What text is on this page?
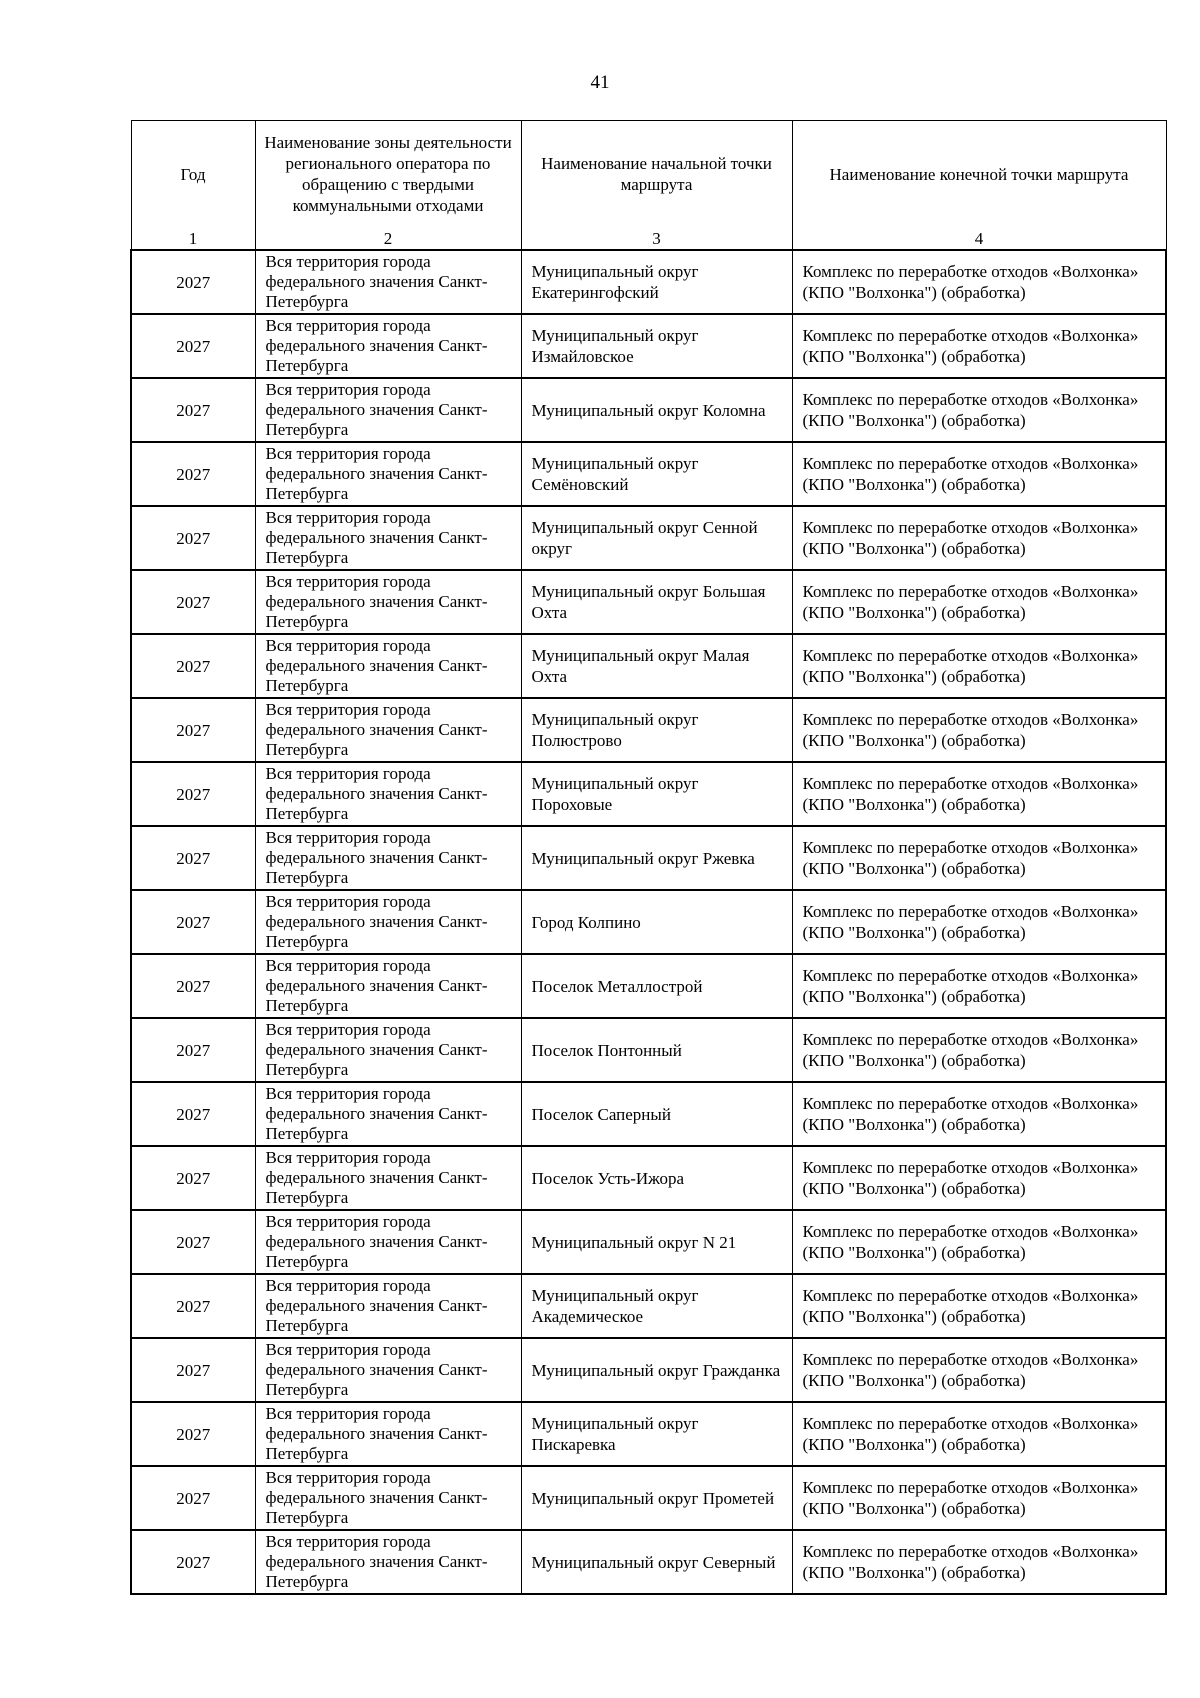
41
Год	Наименование зоны деятельности регионального оператора по обращению с твердыми коммунальными отходами	Наименование начальной точки маршрута	Наименование конечной точки маршрута
1	2	3	4
2027	Вся территория города федерального значения Санкт-Петербурга	Муниципальный округ Екатерингофский	Комплекс по переработке отходов «Волхонка» (КПО "Волхонка") (обработка)
2027	Вся территория города федерального значения Санкт-Петербурга	Муниципальный округ Измайловское	Комплекс по переработке отходов «Волхонка» (КПО "Волхонка") (обработка)
2027	Вся территория города федерального значения Санкт-Петербурга	Муниципальный округ Коломна	Комплекс по переработке отходов «Волхонка» (КПО "Волхонка") (обработка)
2027	Вся территория города федерального значения Санкт-Петербурга	Муниципальный округ Семёновский	Комплекс по переработке отходов «Волхонка» (КПО "Волхонка") (обработка)
2027	Вся территория города федерального значения Санкт-Петербурга	Муниципальный округ Сенной округ	Комплекс по переработке отходов «Волхонка» (КПО "Волхонка") (обработка)
2027	Вся территория города федерального значения Санкт-Петербурга	Муниципальный округ Большая Охта	Комплекс по переработке отходов «Волхонка» (КПО "Волхонка") (обработка)
2027	Вся территория города федерального значения Санкт-Петербурга	Муниципальный округ Малая Охта	Комплекс по переработке отходов «Волхонка» (КПО "Волхонка") (обработка)
2027	Вся территория города федерального значения Санкт-Петербурга	Муниципальный округ Полюстрово	Комплекс по переработке отходов «Волхонка» (КПО "Волхонка") (обработка)
2027	Вся территория города федерального значения Санкт-Петербурга	Муниципальный округ Пороховые	Комплекс по переработке отходов «Волхонка» (КПО "Волхонка") (обработка)
2027	Вся территория города федерального значения Санкт-Петербурга	Муниципальный округ Ржевка	Комплекс по переработке отходов «Волхонка» (КПО "Волхонка") (обработка)
2027	Вся территория города федерального значения Санкт-Петербурга	Город Колпино	Комплекс по переработке отходов «Волхонка» (КПО "Волхонка") (обработка)
2027	Вся территория города федерального значения Санкт-Петербурга	Поселок Металлострой	Комплекс по переработке отходов «Волхонка» (КПО "Волхонка") (обработка)
2027	Вся территория города федерального значения Санкт-Петербурга	Поселок Понтонный	Комплекс по переработке отходов «Волхонка» (КПО "Волхонка") (обработка)
2027	Вся территория города федерального значения Санкт-Петербурга	Поселок Саперный	Комплекс по переработке отходов «Волхонка» (КПО "Волхонка") (обработка)
2027	Вся территория города федерального значения Санкт-Петербурга	Поселок Усть-Ижора	Комплекс по переработке отходов «Волхонка» (КПО "Волхонка") (обработка)
2027	Вся территория города федерального значения Санкт-Петербурга	Муниципальный округ N 21	Комплекс по переработке отходов «Волхонка» (КПО "Волхонка") (обработка)
2027	Вся территория города федерального значения Санкт-Петербурга	Муниципальный округ Академическое	Комплекс по переработке отходов «Волхонка» (КПО "Волхонка") (обработка)
2027	Вся территория города федерального значения Санкт-Петербурга	Муниципальный округ Гражданка	Комплекс по переработке отходов «Волхонка» (КПО "Волхонка") (обработка)
2027	Вся территория города федерального значения Санкт-Петербурга	Муниципальный округ Пискаревка	Комплекс по переработке отходов «Волхонка» (КПО "Волхонка") (обработка)
2027	Вся территория города федерального значения Санкт-Петербурга	Муниципальный округ Прометей	Комплекс по переработке отходов «Волхонка» (КПО "Волхонка") (обработка)
2027	Вся территория города федерального значения Санкт-Петербурга	Муниципальный округ Северный	Комплекс по переработке отходов «Волхонка» (КПО "Волхонка") (обработка)
